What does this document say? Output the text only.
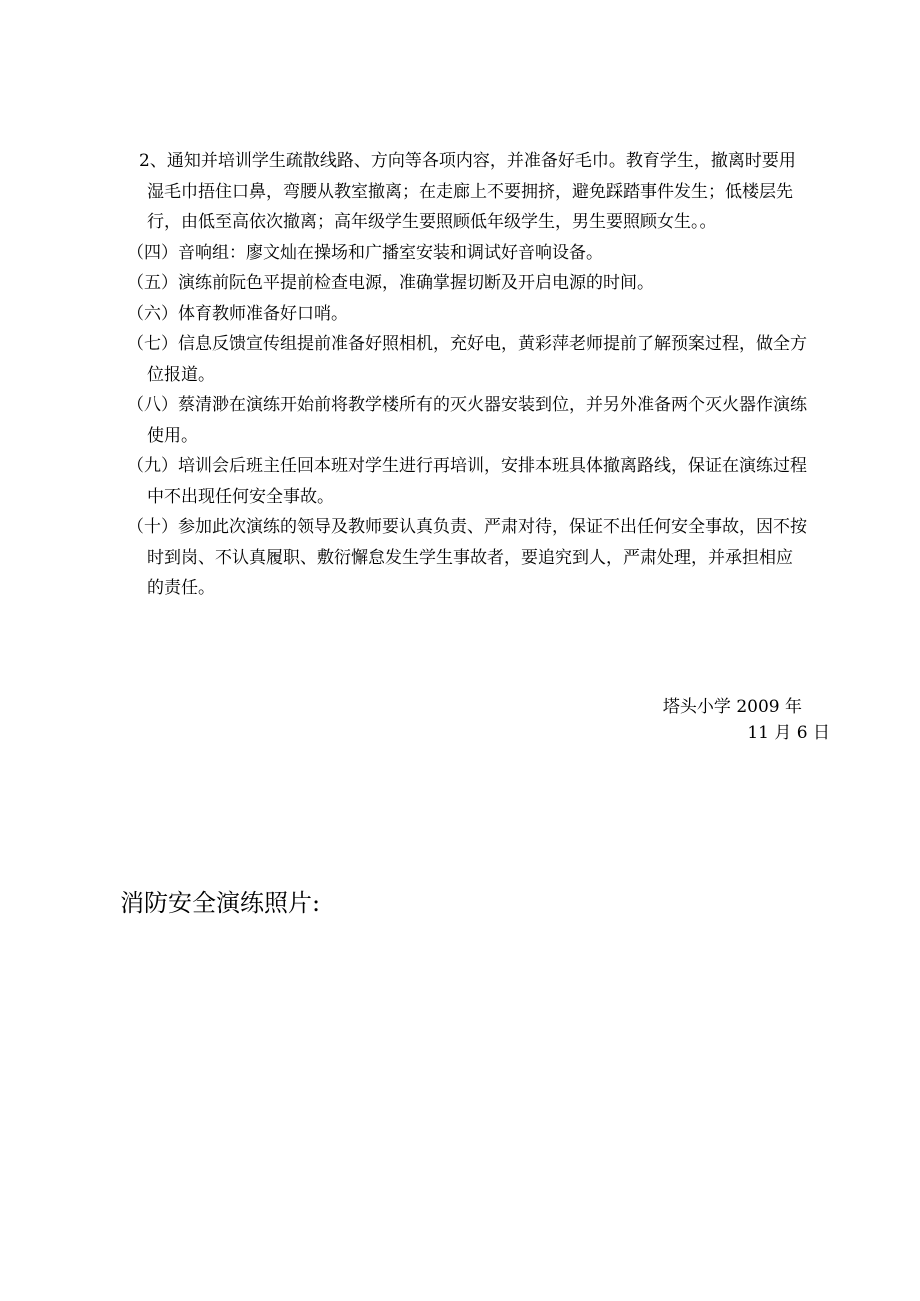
2、通知并培训学生疏散线路、方向等各项内容，并准备好毛巾。教育学生，撤离时要用湿毛巾捂住口鼻，弯腰从教室撤离；在走廊上不要拥挤，避免踩踏事件发生；低楼层先行，由低至高依次撤离；高年级学生要照顾低年级学生，男生要照顾女生。。

（四）音响组：廖文灿在操场和广播室安装和调试好音响设备。

（五）演练前阮色平提前检查电源，准确掌握切断及开启电源的时间。

（六）体育教师准备好口哨。

（七）信息反馈宣传组提前准备好照相机，充好电，黄彩萍老师提前了解预案过程，做全方位报道。

（八）蔡清渺在演练开始前将教学楼所有的灭火器安装到位，并另外准备两个灭火器作演练使用。

（九）培训会后班主任回本班对学生进行再培训，安排本班具体撤离路线，保证在演练过程中不出现任何安全事故。

（十）参加此次演练的领导及教师要认真负责、严肃对待，保证不出任何安全事故，因不按时到岗、不认真履职、敷衍懈怠发生学生事故者，要追究到人，严肃处理，并承担相应的责任。

塔头小学 2009 年
11 月 6 日
消防安全演练照片:
